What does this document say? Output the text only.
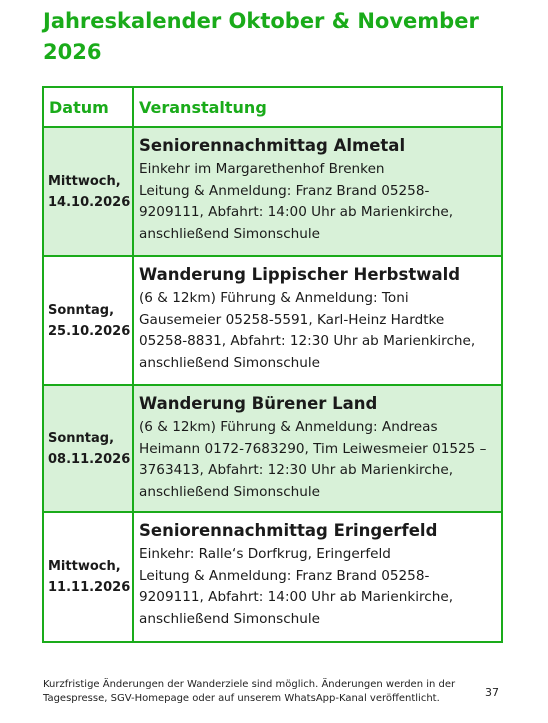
Jahreskalender Oktober & November 2026
Datum	Veranstaltung
Mittwoch,
14.10.2026	Seniorennachmittag Almetal
Einkehr im Margarethenhof Brenken
Leitung & Anmeldung: Franz Brand 05258-
9209111, Abfahrt: 14:00 Uhr ab Marienkirche,
anschließend Simonschule

Sonntag,
25.10.2026	Wanderung Lippischer Herbstwald
(6 & 12km) Führung & Anmeldung: Toni
Gausemeier 05258-5591, Karl-Heinz Hardtke
05258-8831, Abfahrt: 12:30 Uhr ab Marienkirche,
anschließend Simonschule

Sonntag,
08.11.2026	Wanderung Bürener Land
(6 & 12km) Führung & Anmeldung: Andreas
Heimann 0172-7683290, Tim Leiwesmeier 01525 –
3763413, Abfahrt: 12:30 Uhr ab Marienkirche,
anschließend Simonschule

Mittwoch,
11.11.2026	Seniorennachmittag Eringerfeld
Einkehr: Ralle‘s Dorfkrug, Eringerfeld
Leitung & Anmeldung: Franz Brand 05258-
9209111, Abfahrt: 14:00 Uhr ab Marienkirche,
anschließend Simonschule
Kurzfristige Änderungen der Wanderziele sind möglich. Änderungen werden in der
Tagespresse, SGV-Homepage oder auf unserem WhatsApp-Kanal veröffentlicht.	37
